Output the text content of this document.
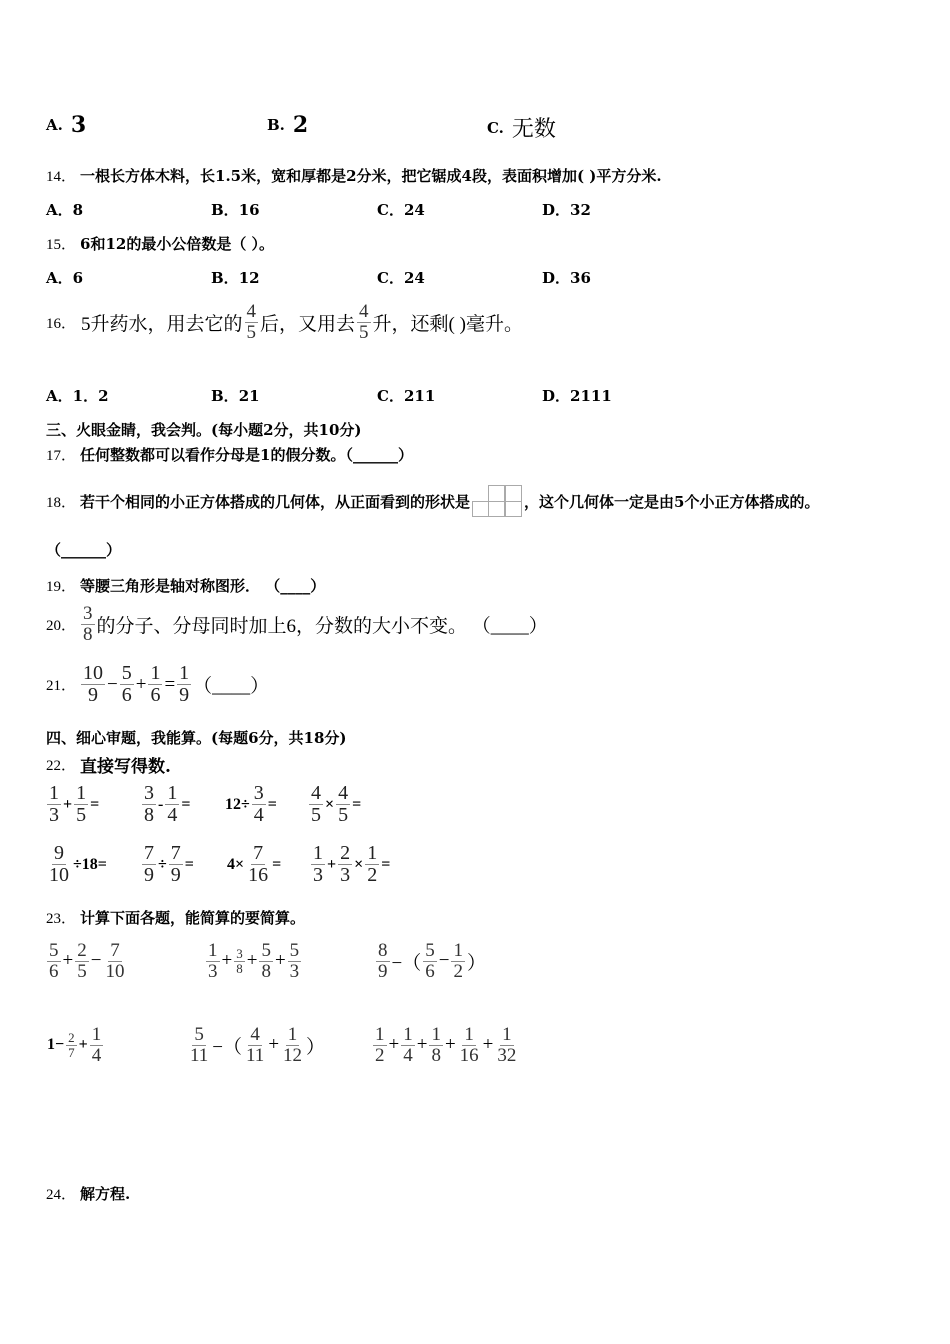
A. 3	B. 2	C. 无数
14． 一根长方体木料，长1.5米，宽和厚都是2分米，把它锯成4段，表面积增加( )平方分米.
A． 8	B． 16	C． 24	D． 32
15． 6和12的最小公倍数是（ ）。
A． 6	B． 12	C． 24	D． 36
16． 5升药水，用去它的 $\frac{4}{5}$ 后，又用去 $\frac{4}{5}$ 升，还剩( )毫升。
A． 1．2	B． 21	C． 211	D． 2111
三、火眼金睛，我会判。(每小题2分，共10分)
17． 任何整数都可以看作分母是1的假分数。（______）
18． 若干个相同的小正方体搭成的几何体，从正面看到的形状是	，这个几何体一定是由5个小正方体搭成的。
（______）
19． 等腰三角形是轴对称图形． （____）
20． $\frac{3}{8}$ 的分子、分母同时加上6，分数的大小不变。 （____）
21． $\frac{10}{9} - \frac{5}{6} + \frac{1}{6} = \frac{1}{9}$ （____）
四、细心审题，我能算。(每题6分，共18分)
22． 直接写得数.
$\frac{1}{3} + \frac{1}{5} = \frac{3}{8} - \frac{1}{4} = 12\div \frac{3}{4} = \frac{4}{5} \times \frac{4}{5}$ =
$\frac{9}{10} \div 18= \frac{7}{9} \div \frac{7}{9} = 4\times \frac{7}{16} = \frac{1}{3} + \frac{2}{3} \times \frac{1}{2}$ =
23． 计算下面各题，能简算的要简算。
$\frac{5}{6} + \frac{2}{5} - \frac{7}{10}$	$\frac{1}{3} + \frac{3}{8} + \frac{5}{8} + \frac{5}{3}$	$\frac{8}{9}$ −（ $\frac{5}{6} - \frac{1}{2}$ ）
$1- \frac{2}{7} + \frac{1}{4}$	$\frac{5}{11}$ −（ $\frac{4}{11} + \frac{1}{12}$ ）	$\frac{1}{2} + \frac{1}{4} + \frac{1}{8} + \frac{1}{16} + \frac{1}{32}$
24． 解方程.
